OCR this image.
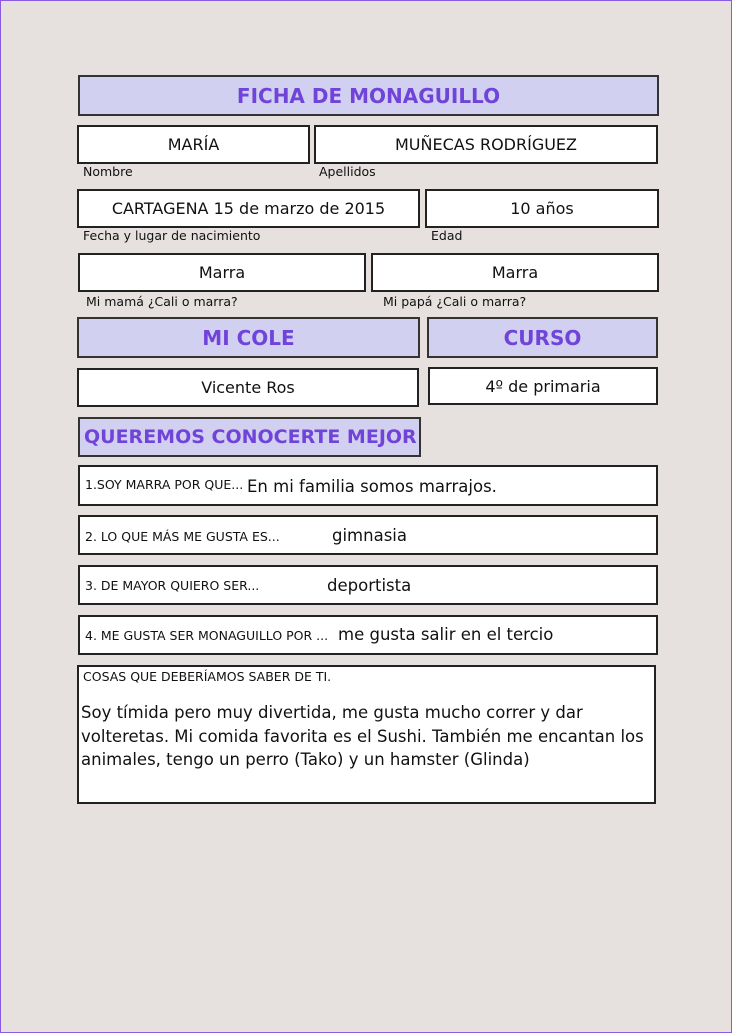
FICHA DE MONAGUILLO
MARÍA	MUÑECAS RODRÍGUEZ
Nombre	Apellidos
CARTAGENA 15 de marzo de 2015	10 años
Fecha y lugar de nacimiento	Edad
Marra	Marra
Mi mamá ¿Cali o marra?	Mi papá ¿Cali o marra?
MI COLE	CURSO
Vicente Ros	4º de primaria
QUEREMOS CONOCERTE MEJOR
1.SOY MARRA POR QUE... En mi familia somos marrajos.
2. LO QUE MÁS ME GUSTA ES...	gimnasia
3. DE MAYOR QUIERO SER...	deportista
4. ME GUSTA SER MONAGUILLO POR ... me gusta salir en el tercio
COSAS QUE DEBERÍAMOS SABER DE TI.
Soy tímida pero muy divertida, me gusta mucho correr y dar volteretas. Mi comida favorita es el Sushi. También me encantan los animales, tengo un perro (Tako) y un hamster (Glinda)
